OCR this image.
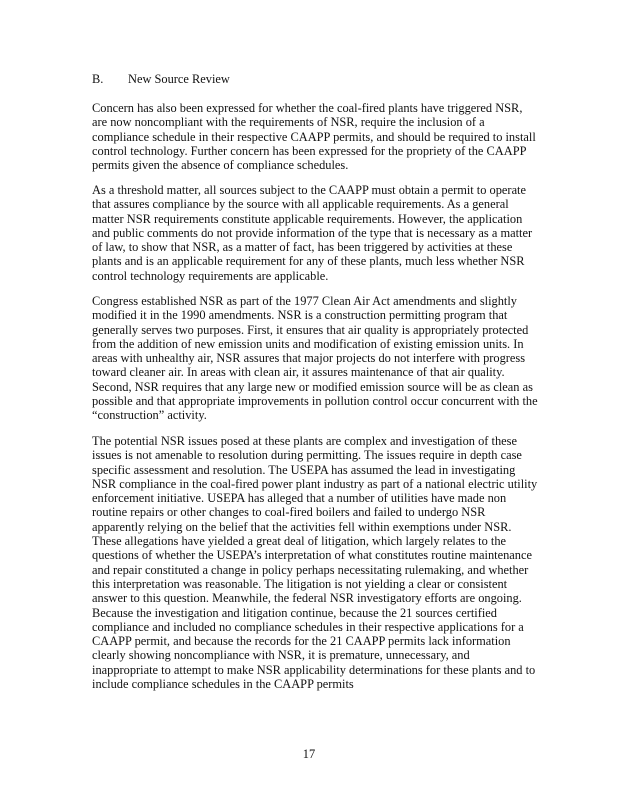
B. New Source Review

Concern has also been expressed for whether the coal-fired plants have triggered NSR,
are now noncompliant with the requirements of NSR, require the inclusion of a
compliance schedule in their respective CAAPP permits, and should be required to install
control technology. Further concern has been expressed for the propriety of the CAAPP
permits given the absence of compliance schedules.

As a threshold matter, all sources subject to the CAAPP must obtain a permit to operate
that assures compliance by the source with all applicable requirements. As a general
matter NSR requirements constitute applicable requirements. However, the application
and public comments do not provide information of the type that is necessary as a matter
of law, to show that NSR, as a matter of fact, has been triggered by activities at these
plants and is an applicable requirement for any of these plants, much less whether NSR
control technology requirements are applicable.

Congress established NSR as part of the 1977 Clean Air Act amendments and slightly
modified it in the 1990 amendments. NSR is a construction permitting program that
generally serves two purposes. First, it ensures that air quality is appropriately protected
from the addition of new emission units and modification of existing emission units. In
areas with unhealthy air, NSR assures that major projects do not interfere with progress
toward cleaner air. In areas with clean air, it assures maintenance of that air quality.
Second, NSR requires that any large new or modified emission source will be as clean as
possible and that appropriate improvements in pollution control occur concurrent with the
“construction” activity.

The potential NSR issues posed at these plants are complex and investigation of these
issues is not amenable to resolution during permitting. The issues require in depth case
specific assessment and resolution. The USEPA has assumed the lead in investigating
NSR compliance in the coal-fired power plant industry as part of a national electric utility
enforcement initiative. USEPA has alleged that a number of utilities have made non
routine repairs or other changes to coal-fired boilers and failed to undergo NSR
apparently relying on the belief that the activities fell within exemptions under NSR.
These allegations have yielded a great deal of litigation, which largely relates to the
questions of whether the USEPA’s interpretation of what constitutes routine maintenance
and repair constituted a change in policy perhaps necessitating rulemaking, and whether
this interpretation was reasonable. The litigation is not yielding a clear or consistent
answer to this question. Meanwhile, the federal NSR investigatory efforts are ongoing.
Because the investigation and litigation continue, because the 21 sources certified
compliance and included no compliance schedules in their respective applications for a
CAAPP permit, and because the records for the 21 CAAPP permits lack information
clearly showing noncompliance with NSR, it is premature, unnecessary, and
inappropriate to attempt to make NSR applicability determinations for these plants and to
include compliance schedules in the CAAPP permits

17
